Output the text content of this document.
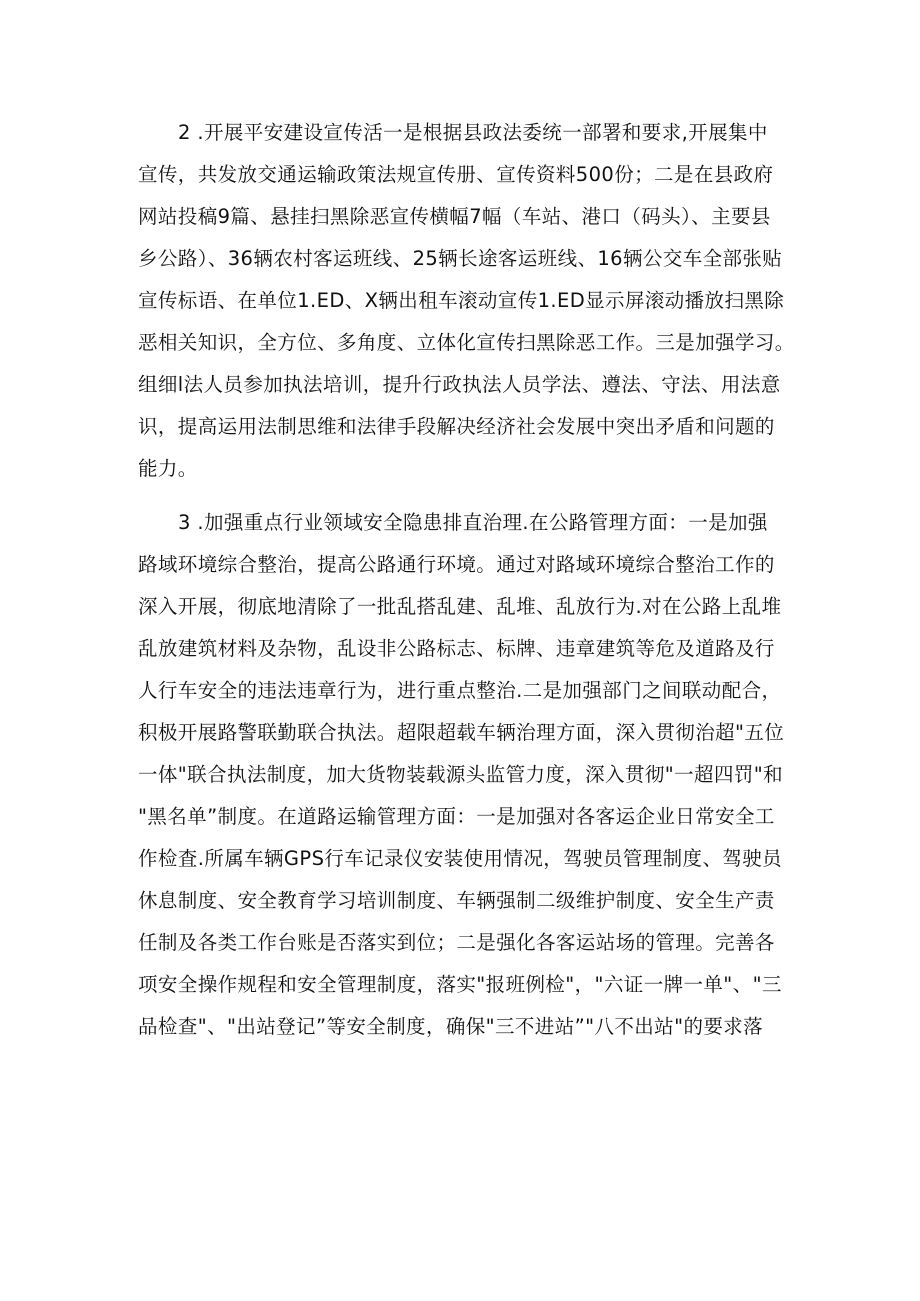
2 .开展平安建设宣传活一是根据县政法委统一部署和要求,开展集中
宣传，共发放交通运输政策法规宣传册、宣传资料500份；二是在县政府
网站投稿9篇、悬挂扫黑除恶宣传横幅7幅（车站、港口（码头）、主要县
乡公路）、36辆农村客运班线、25辆长途客运班线、16辆公交车全部张贴
宣传标语、在单位1.ED、X辆出租车滚动宣传1.ED显示屏滚动播放扫黑除
恶相关知识，全方位、多角度、立体化宣传扫黑除恶工作。三是加强学习。
组细l法人员参加执法培训，提升行政执法人员学法、遵法、守法、用法意
识，提高运用法制思维和法律手段解决经济社会发展中突出矛盾和问题的
能力。
3 .加强重点行业领域安全隐患排直治理.在公路管理方面：一是加强
路域环境综合整治，提高公路通行环境。通过对路域环境综合整治工作的
深入开展，彻底地清除了一批乱搭乱建、乱堆、乱放行为.对在公路上乱堆
乱放建筑材料及杂物，乱设非公路标志、标牌、违章建筑等危及道路及行
人行车安全的违法违章行为，进行重点整治.二是加强部门之间联动配合，
积极开展路警联勤联合执法。超限超载车辆治理方面，深入贯彻治超"五位
一体"联合执法制度，加大货物装载源头监管力度，深入贯彻"一超四罚"和
"黑名单”制度。在道路运输管理方面：一是加强对各客运企业日常安全工
作检査.所属车辆GPS行车记录仪安装使用情况，驾驶员管理制度、驾驶员
休息制度、安全教育学习培训制度、车辆强制二级维护制度、安全生产责
任制及各类工作台账是否落实到位；二是强化各客运站场的管理。完善各
项安全操作规程和安全管理制度，落实"报班例检"，"六证一牌一单"、"三
品检查"、"出站登记”等安全制度，确保"三不进站”"八不出站"的要求落
